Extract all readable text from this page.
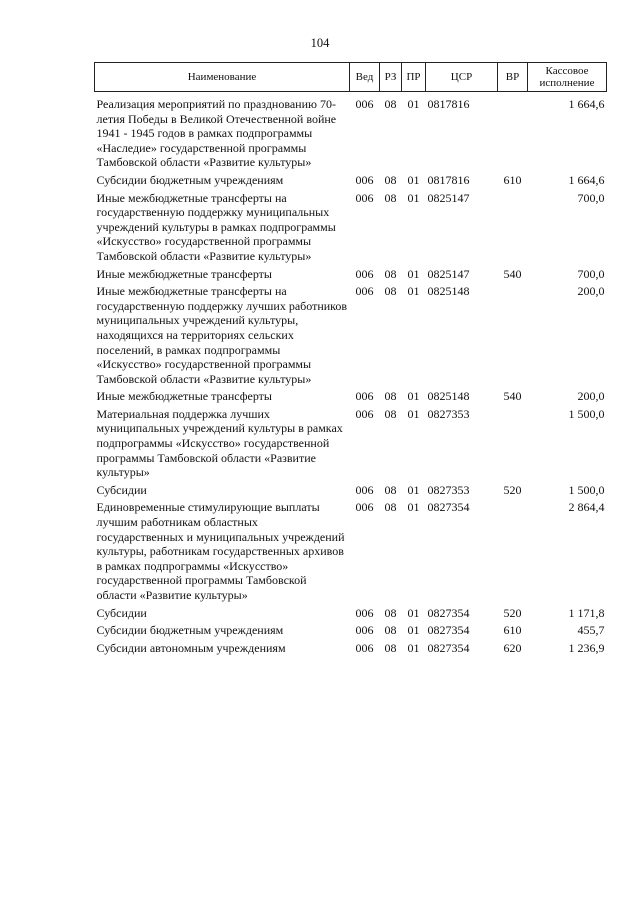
104
Наименование	Вед	РЗ	ПР	ЦСР	ВР	Кассовое исполнение
Реализация мероприятий по празднованию 70-летия Победы в Великой Отечественной войне 1941 - 1945 годов в рамках подпрограммы «Наследие» государственной программы Тамбовской области «Развитие культуры»	006	08	01	0817816		1 664,6
Субсидии бюджетным учреждениям	006	08	01	0817816	610	1 664,6
Иные межбюджетные трансферты на государственную поддержку муниципальных учреждений культуры в рамках подпрограммы «Искусство» государственной программы Тамбовской области «Развитие культуры»	006	08	01	0825147		700,0
Иные межбюджетные трансферты	006	08	01	0825147	540	700,0
Иные межбюджетные трансферты на государственную поддержку лучших работников муниципальных учреждений культуры, находящихся на территориях сельских поселений, в рамках подпрограммы «Искусство» государственной программы Тамбовской области «Развитие культуры»	006	08	01	0825148		200,0
Иные межбюджетные трансферты	006	08	01	0825148	540	200,0
Материальная поддержка лучших муниципальных учреждений культуры в рамках подпрограммы «Искусство» государственной программы Тамбовской области «Развитие культуры»	006	08	01	0827353		1 500,0
Субсидии	006	08	01	0827353	520	1 500,0
Единовременные стимулирующие выплаты лучшим работникам областных государственных и муниципальных учреждений культуры, работникам государственных архивов в рамках подпрограммы «Искусство» государственной программы Тамбовской области «Развитие культуры»	006	08	01	0827354		2 864,4
Субсидии	006	08	01	0827354	520	1 171,8
Субсидии бюджетным учреждениям	006	08	01	0827354	610	455,7
Субсидии автономным учреждениям	006	08	01	0827354	620	1 236,9
